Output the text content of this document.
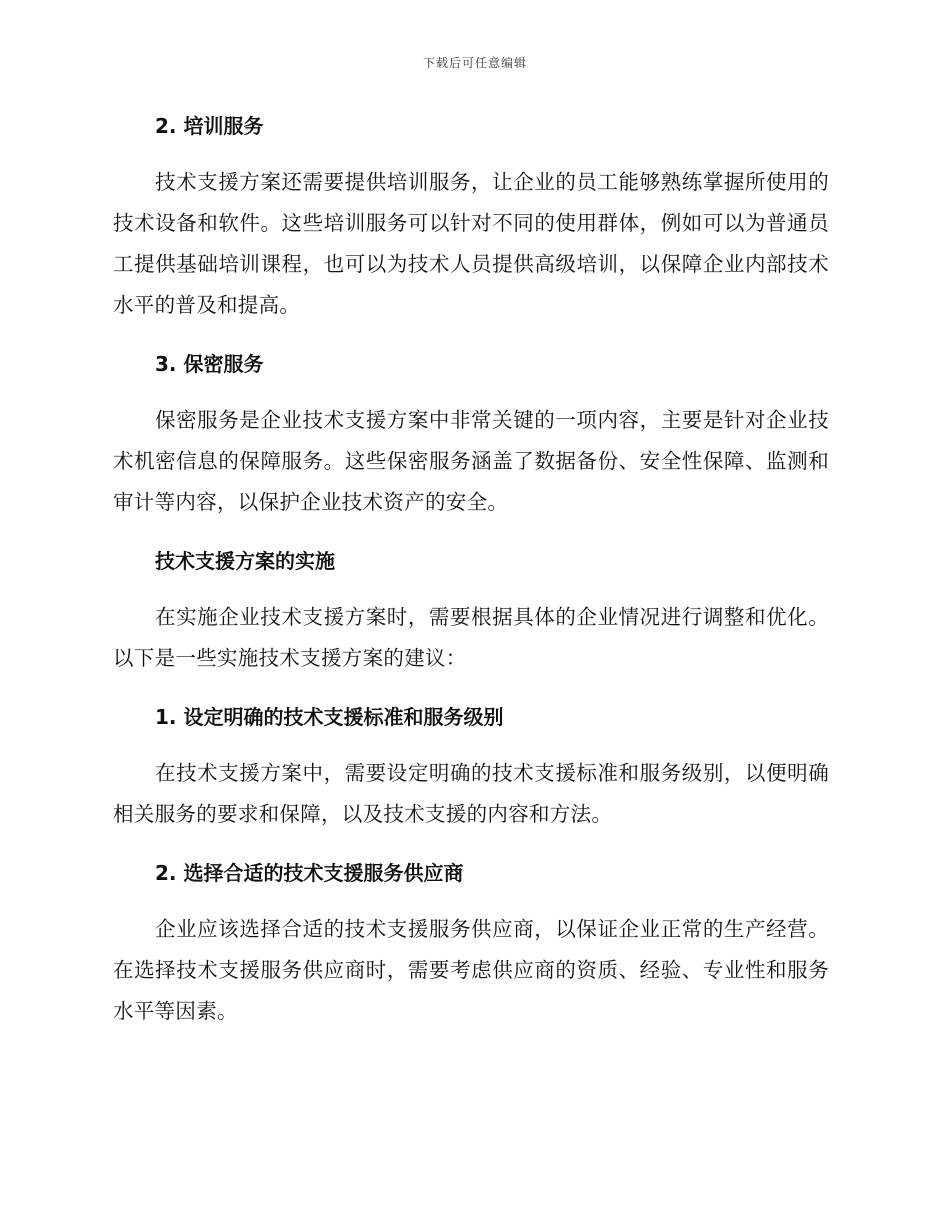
下载后可任意编辑
2. 培训服务

技术支援方案还需要提供培训服务，让企业的员工能够熟练掌握所使用的技术设备和软件。这些培训服务可以针对不同的使用群体，例如可以为普通员工提供基础培训课程，也可以为技术人员提供高级培训，以保障企业内部技术水平的普及和提高。

3. 保密服务

保密服务是企业技术支援方案中非常关键的一项内容，主要是针对企业技术机密信息的保障服务。这些保密服务涵盖了数据备份、安全性保障、监测和审计等内容，以保护企业技术资产的安全。

技术支援方案的实施

在实施企业技术支援方案时，需要根据具体的企业情况进行调整和优化。以下是一些实施技术支援方案的建议：

1. 设定明确的技术支援标准和服务级别

在技术支援方案中，需要设定明确的技术支援标准和服务级别，以便明确相关服务的要求和保障，以及技术支援的内容和方法。

2. 选择合适的技术支援服务供应商

企业应该选择合适的技术支援服务供应商，以保证企业正常的生产经营。在选择技术支援服务供应商时，需要考虑供应商的资质、经验、专业性和服务水平等因素。
